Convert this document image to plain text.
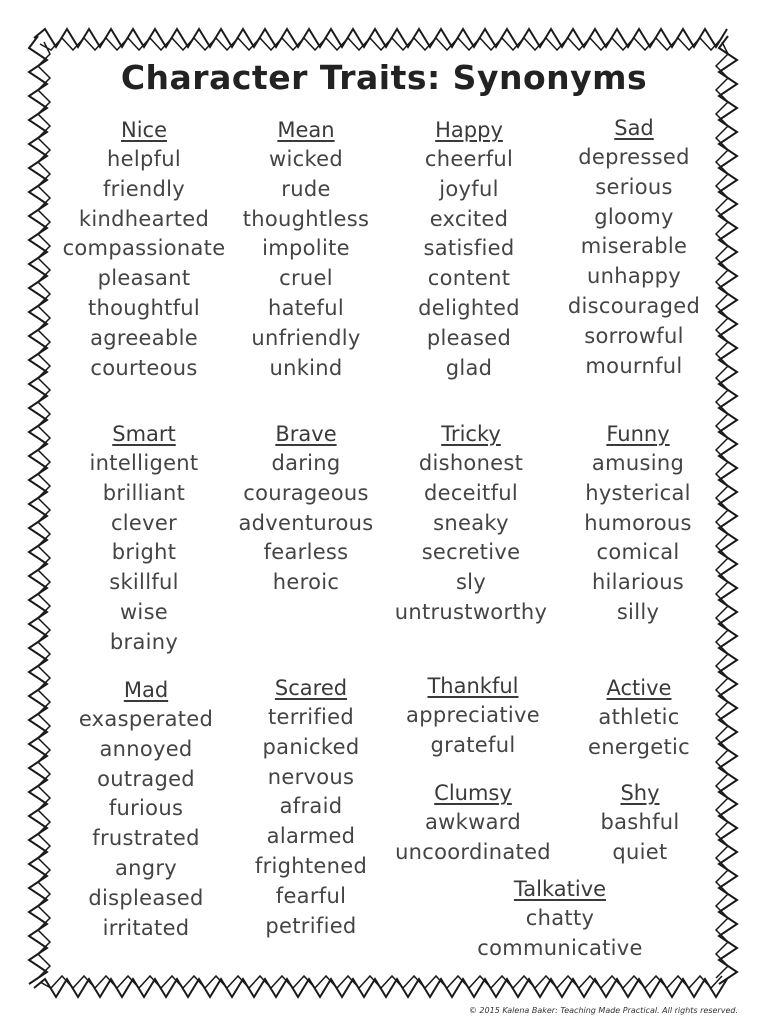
Character Traits: Synonyms
Nice
helpful
friendly
kindhearted
compassionate
pleasant
thoughtful
agreeable
courteous
Mean
wicked
rude
thoughtless
impolite
cruel
hateful
unfriendly
unkind
Happy
cheerful
joyful
excited
satisfied
content
delighted
pleased
glad
Sad
depressed
serious
gloomy
miserable
unhappy
discouraged
sorrowful
mournful
Smart
intelligent
brilliant
clever
bright
skillful
wise
brainy
Brave
daring
courageous
adventurous
fearless
heroic
Tricky
dishonest
deceitful
sneaky
secretive
sly
untrustworthy
Funny
amusing
hysterical
humorous
comical
hilarious
silly
Mad
exasperated
annoyed
outraged
furious
frustrated
angry
displeased
irritated
Scared
terrified
panicked
nervous
afraid
alarmed
frightened
fearful
petrified
Thankful
appreciative
grateful
Active
athletic
energetic
Clumsy
awkward
uncoordinated
Shy
bashful
quiet
Talkative
chatty
communicative
© 2015 Kalena Baker: Teaching Made Practical. All rights reserved.
